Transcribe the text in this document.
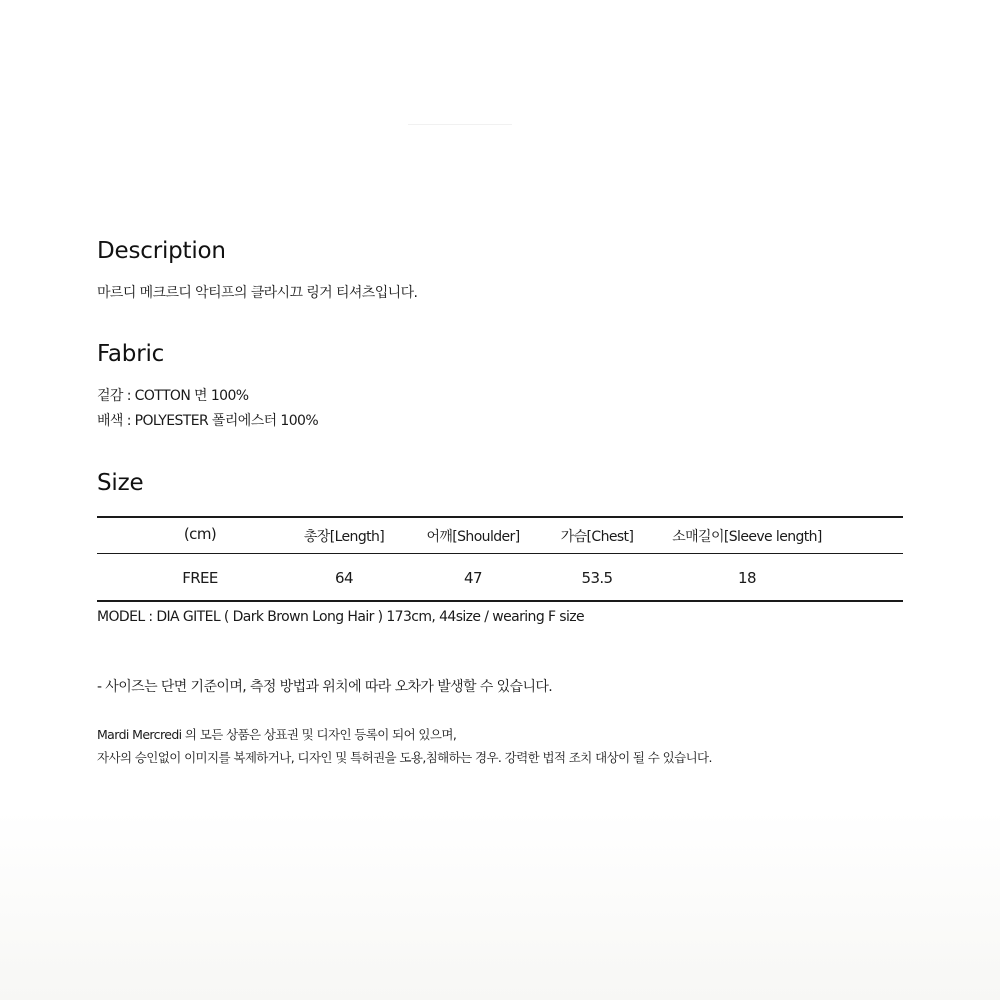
Description

마르디 메크르디 악티프의 클라시끄 링거 티셔츠입니다.

Fabric

겉감 : COTTON 면 100%

배색 : POLYESTER 폴리에스터 100%

Size
(cm)	총장[Length]	어깨[Shoulder]	가슴[Chest]	소매길이[Sleeve length]
FREE	64	47	53.5	18

MODEL : DIA GITEL ( Dark Brown Long Hair ) 173cm, 44size / wearing F size

- 사이즈는 단면 기준이며, 측정 방법과 위치에 따라 오차가 발생할 수 있습니다.

Mardi Mercredi 의 모든 상품은 상표권 및 디자인 등록이 되어 있으며,

자사의 승인없이 이미지를 복제하거나, 디자인 및 특허권을 도용,침해하는 경우. 강력한 법적 조치 대상이 될 수 있습니다.
